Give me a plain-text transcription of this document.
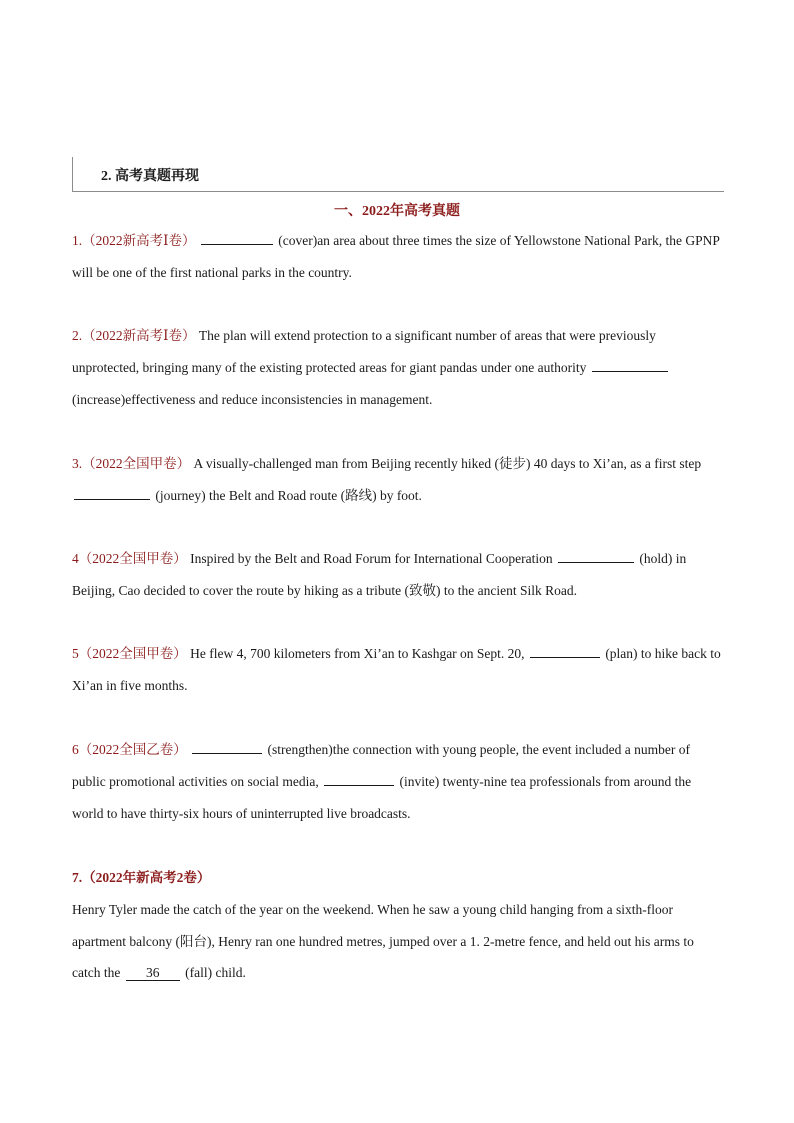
2. 高考真题再现
一、2022年高考真题
1.（2022新高考Ⅰ卷）	(cover)an area about three times the size of Yellowstone National Park, the GPNP will be one of the first national parks in the country.
2.（2022新高考Ⅰ卷） The plan will extend protection to a significant number of areas that were previously unprotected, bringing many of the existing protected areas for giant pandas under one authority  (increase)effectiveness and reduce inconsistencies in management.
3.（2022全国甲卷） A visually-challenged man from Beijing recently hiked (徒步) 40 days to Xi’an, as a first step  (journey) the Belt and Road route (路线) by foot.
4（2022全国甲卷） Inspired by the Belt and Road Forum for International Cooperation	(hold) in Beijing, Cao decided to cover the route by hiking as a tribute (致敬) to the ancient Silk Road.
5（2022全国甲卷） He flew 4, 700 kilometers from Xi’an to Kashgar on Sept. 20,	(plan) to hike back to Xi’an in five months.
6（2022全国乙卷）	(strengthen)the connection with young people, the event included a number of public promotional activities on social media,	(invite) twenty-nine tea professionals from around the world to have thirty-six hours of uninterrupted live broadcasts.
7.（2022年新高考2卷）
Henry Tyler made the catch of the year on the weekend. When he saw a young child hanging from a sixth-floor apartment balcony (阳台), Henry ran one hundred metres, jumped over a 1. 2-metre fence, and held out his arms to catch the 36 (fall) child.
